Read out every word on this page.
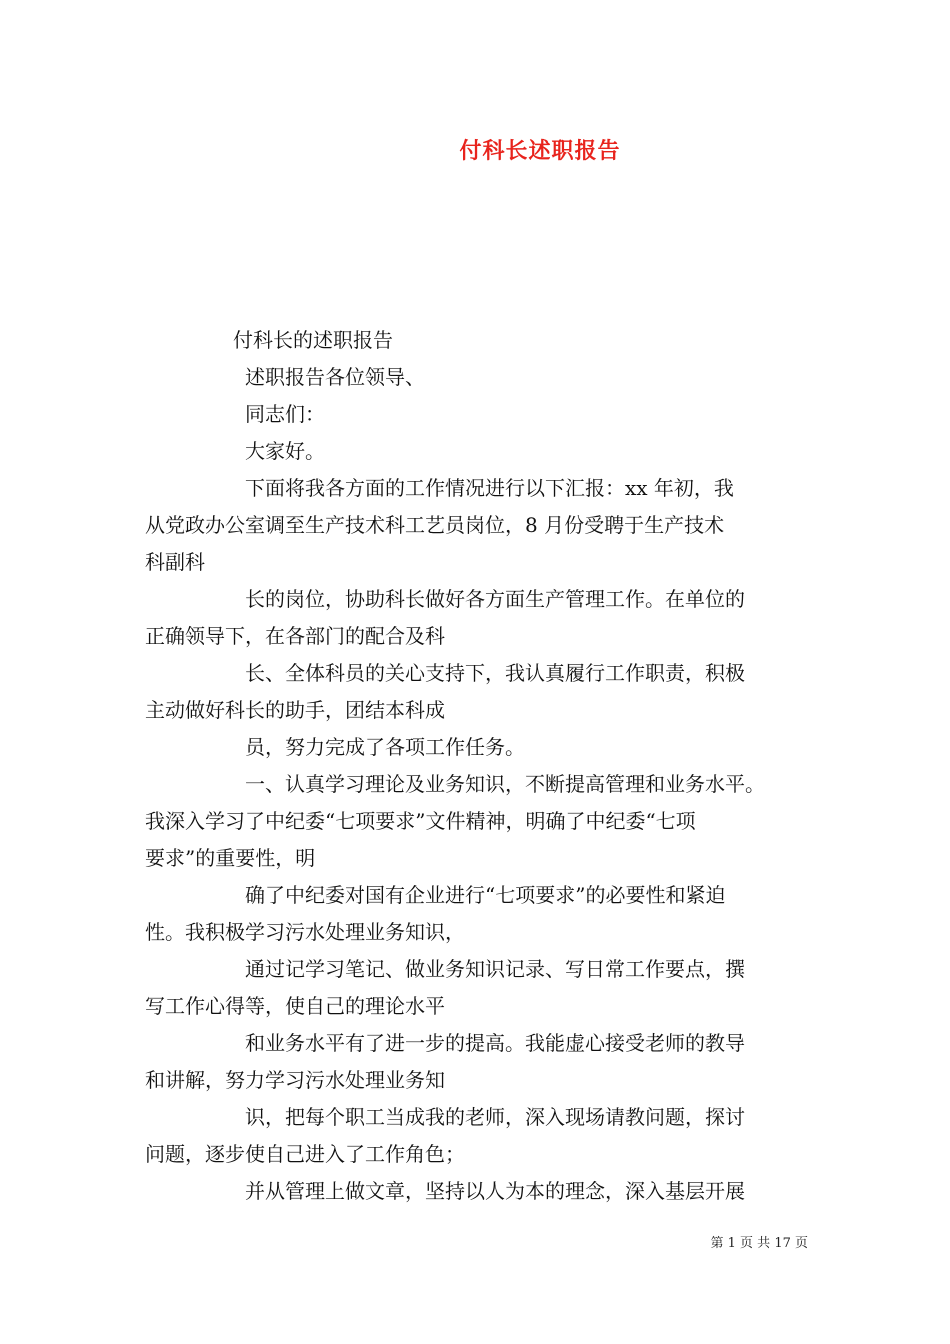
付科长述职报告

付科长的述职报告

述职报告各位领导、

同志们：

大家好。

下面将我各方面的工作情况进行以下汇报：xx 年初，我
从党政办公室调至生产技术科工艺员岗位，8 月份受聘于生产技术
科副科

长的岗位，协助科长做好各方面生产管理工作。在单位的
正确领导下，在各部门的配合及科

长、全体科员的关心支持下，我认真履行工作职责，积极
主动做好科长的助手，团结本科成

员，努力完成了各项工作任务。

一、认真学习理论及业务知识，不断提高管理和业务水平。
我深入学习了中纪委“七项要求”文件精神，明确了中纪委“七项
要求”的重要性，明

确了中纪委对国有企业进行“七项要求”的必要性和紧迫
性。我积极学习污水处理业务知识，

通过记学习笔记、做业务知识记录、写日常工作要点，撰
写工作心得等，使自己的理论水平

和业务水平有了进一步的提高。我能虚心接受老师的教导
和讲解，努力学习污水处理业务知

识，把每个职工当成我的老师，深入现场请教问题，探讨
问题，逐步使自己进入了工作角色；

并从管理上做文章，坚持以人为本的理念，深入基层开展

第 1 页 共 17 页
